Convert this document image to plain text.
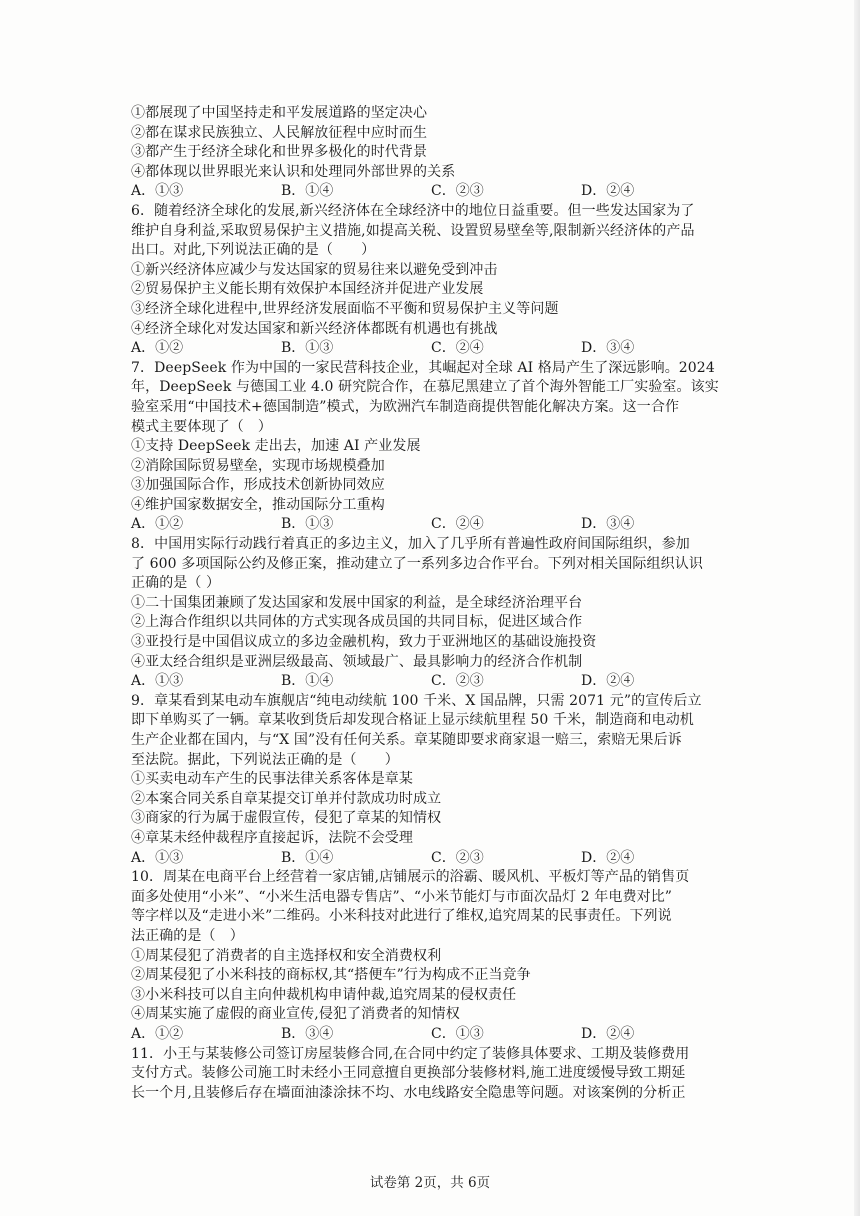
①都展现了中国坚持走和平发展道路的坚定决心
②都在谋求民族独立、人民解放征程中应时而生
③都产生于经济全球化和世界多极化的时代背景
④都体现以世界眼光来认识和处理同外部世界的关系
A．①③	B．①④	C．②③	D．②④
6．随着经济全球化的发展,新兴经济体在全球经济中的地位日益重要。但一些发达国家为了
维护自身利益,采取贸易保护主义措施,如提高关税、设置贸易壁垒等,限制新兴经济体的产品
出口。对此,下列说法正确的是（　　）
①新兴经济体应减少与发达国家的贸易往来以避免受到冲击
②贸易保护主义能长期有效保护本国经济并促进产业发展
③经济全球化进程中,世界经济发展面临不平衡和贸易保护主义等问题
④经济全球化对发达国家和新兴经济体都既有机遇也有挑战
A．①②	B．①③	C．②④	D．③④
7．DeepSeek 作为中国的一家民营科技企业，其崛起对全球 AI 格局产生了深远影响。2024
年，DeepSeek 与德国工业 4.0 研究院合作，在慕尼黑建立了首个海外智能工厂实验室。该实
验室采用“中国技术+德国制造”模式，为欧洲汽车制造商提供智能化解决方案。这一合作
模式主要体现了（　）
①支持 DeepSeek 走出去，加速 AI 产业发展
②消除国际贸易壁垒，实现市场规模叠加
③加强国际合作，形成技术创新协同效应
④维护国家数据安全，推动国际分工重构
A．①②	B．①③	C．②④	D．③④
8．中国用实际行动践行着真正的多边主义，加入了几乎所有普遍性政府间国际组织，参加
了 600 多项国际公约及修正案，推动建立了一系列多边合作平台。下列对相关国际组织认识
正确的是（ ）
①二十国集团兼顾了发达国家和发展中国家的利益，是全球经济治理平台
②上海合作组织以共同体的方式实现各成员国的共同目标，促进区域合作
③亚投行是中国倡议成立的多边金融机构，致力于亚洲地区的基础设施投资
④亚太经合组织是亚洲层级最高、领域最广、最具影响力的经济合作机制
A．①③	B．①④	C．②③	D．②④
9．章某看到某电动车旗舰店“纯电动续航 100 千米、X 国品牌，只需 2071 元”的宣传后立
即下单购买了一辆。章某收到货后却发现合格证上显示续航里程 50 千米，制造商和电动机
生产企业都在国内，与“X 国”没有任何关系。章某随即要求商家退一赔三，索赔无果后诉
至法院。据此，下列说法正确的是（　　）
①买卖电动车产生的民事法律关系客体是章某
②本案合同关系自章某提交订单并付款成功时成立
③商家的行为属于虚假宣传，侵犯了章某的知情权
④章某未经仲裁程序直接起诉，法院不会受理
A．①③	B．①④	C．②③	D．②④
10．周某在电商平台上经营着一家店铺,店铺展示的浴霸、暖风机、平板灯等产品的销售页
面多处使用“小米”、“小米生活电器专售店”、“小米节能灯与市面次品灯 2 年电费对比”
等字样以及“走进小米”二维码。小米科技对此进行了维权,追究周某的民事责任。下列说
法正确的是（　）
①周某侵犯了消费者的自主选择权和安全消费权利
②周某侵犯了小米科技的商标权,其“搭便车”行为构成不正当竞争
③小米科技可以自主向仲裁机构申请仲裁,追究周某的侵权责任
④周某实施了虚假的商业宣传,侵犯了消费者的知情权
A．①②	B．③④	C．①③	D．②④
11．小王与某装修公司签订房屋装修合同,在合同中约定了装修具体要求、工期及装修费用
支付方式。装修公司施工时未经小王同意擅自更换部分装修材料,施工进度缓慢导致工期延
长一个月,且装修后存在墙面油漆涂抹不均、水电线路安全隐患等问题。对该案例的分析正
试卷第 2页，共 6页
